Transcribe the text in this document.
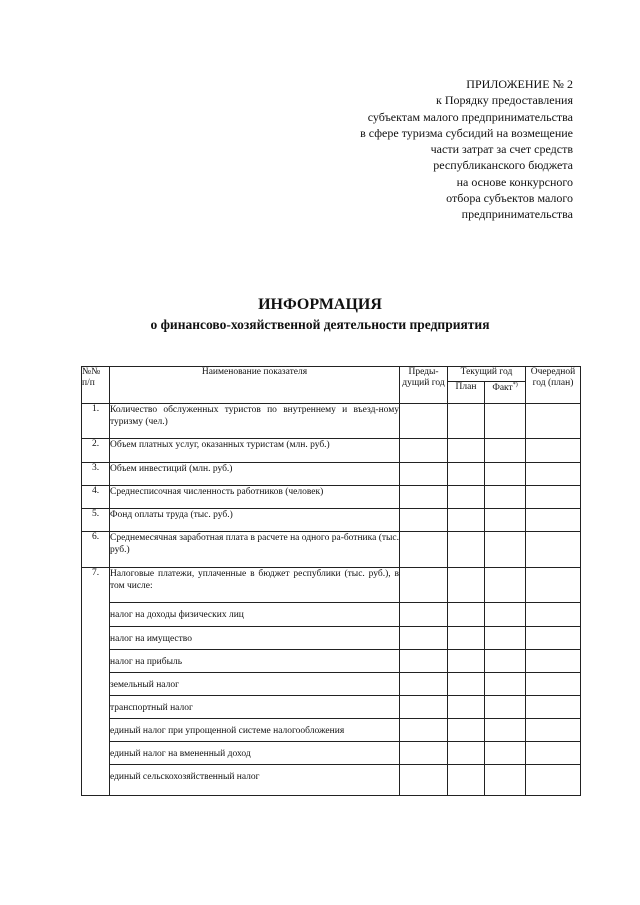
ПРИЛОЖЕНИЕ № 2
к Порядку предоставления
субъектам малого предпринимательства
в сфере туризма субсидий на возмещение
части затрат за счет средств
республиканского бюджета
на основе конкурсного
отбора субъектов малого
предпринимательства
ИНФОРМАЦИЯ
о финансово-хозяйственной деятельности предприятия
№№ п/п	Наименование показателя	Преды-дущий год	Текущий год		Очередной год (план)
			План	Факт*)
1.	Количество обслуженных туристов по внутреннему и въезд-ному туризму (чел.)				
2.	Объем платных услуг, оказанных туристам (млн. руб.)				
3.	Объем инвестиций (млн. руб.)				
4.	Среднесписочная численность работников (человек)				
5.	Фонд оплаты труда (тыс. руб.)				
6.	Среднемесячная заработная плата в расчете на одного ра-ботника (тыс. руб.)				
7.	Налоговые платежи, уплаченные в бюджет республики (тыс. руб.), в том числе:				
	налог на доходы физических лиц				
	налог на имущество				
	налог на прибыль				
	земельный налог				
	транспортный налог				
	единый налог при упрощенной системе налогообложения				
	единый налог на вмененный доход				
	единый сельскохозяйственный налог				
